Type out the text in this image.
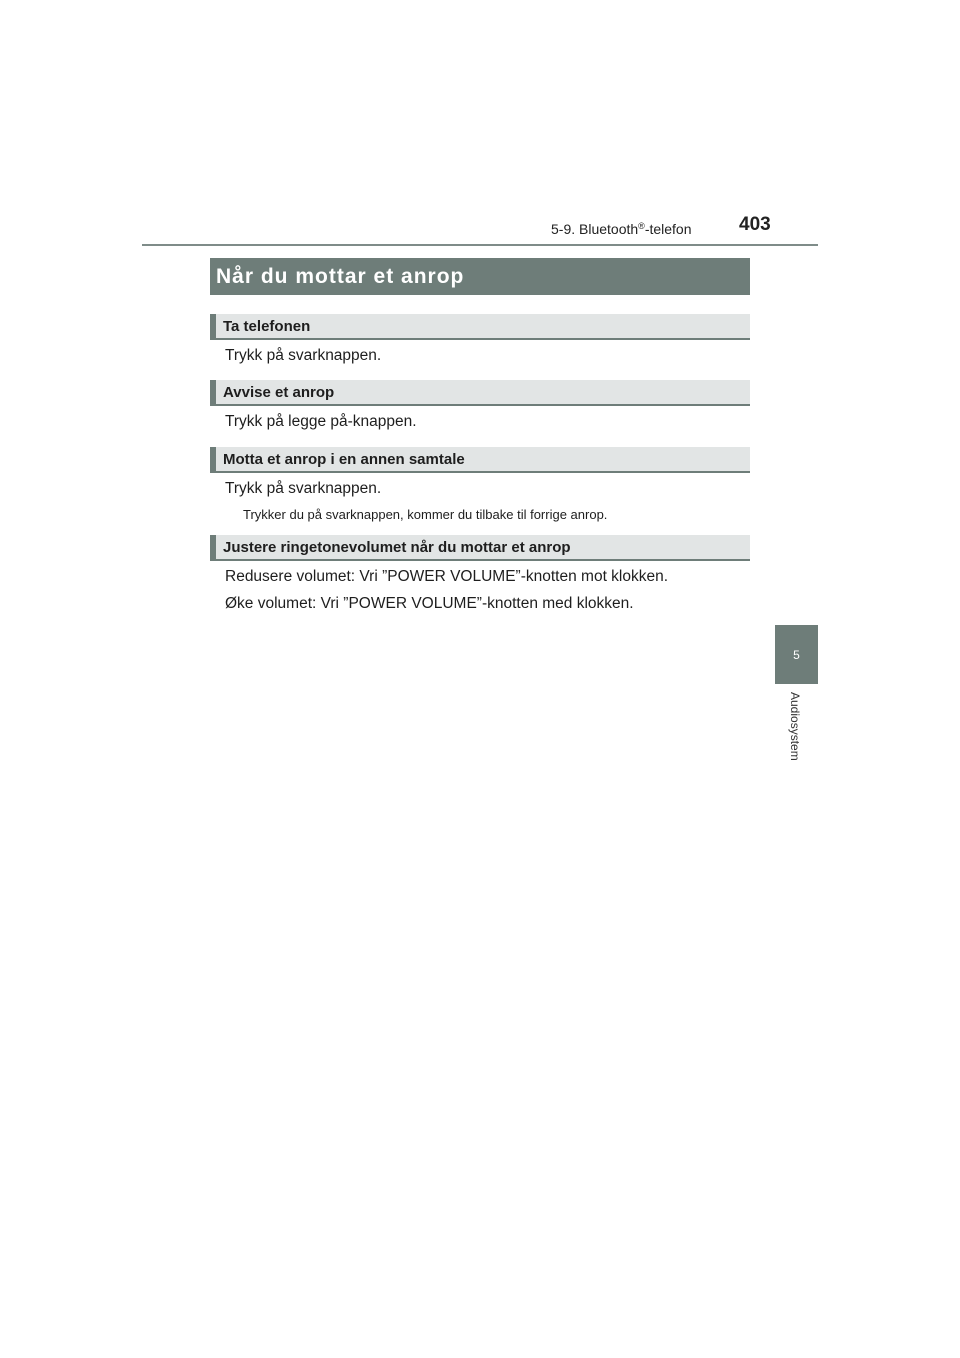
5-9. Bluetooth®-telefon 403
5
Audiosystem
Når du mottar et anrop
Ta telefonen
Trykk på svarknappen.
Avvise et anrop
Trykk på legge på-knappen.
Motta et anrop i en annen samtale
Trykk på svarknappen.
Trykker du på svarknappen, kommer du tilbake til forrige anrop.
Justere ringetonevolumet når du mottar et anrop
Redusere volumet: Vri ”POWER VOLUME”-knotten mot klokken.
Øke volumet: Vri ”POWER VOLUME”-knotten med klokken.
